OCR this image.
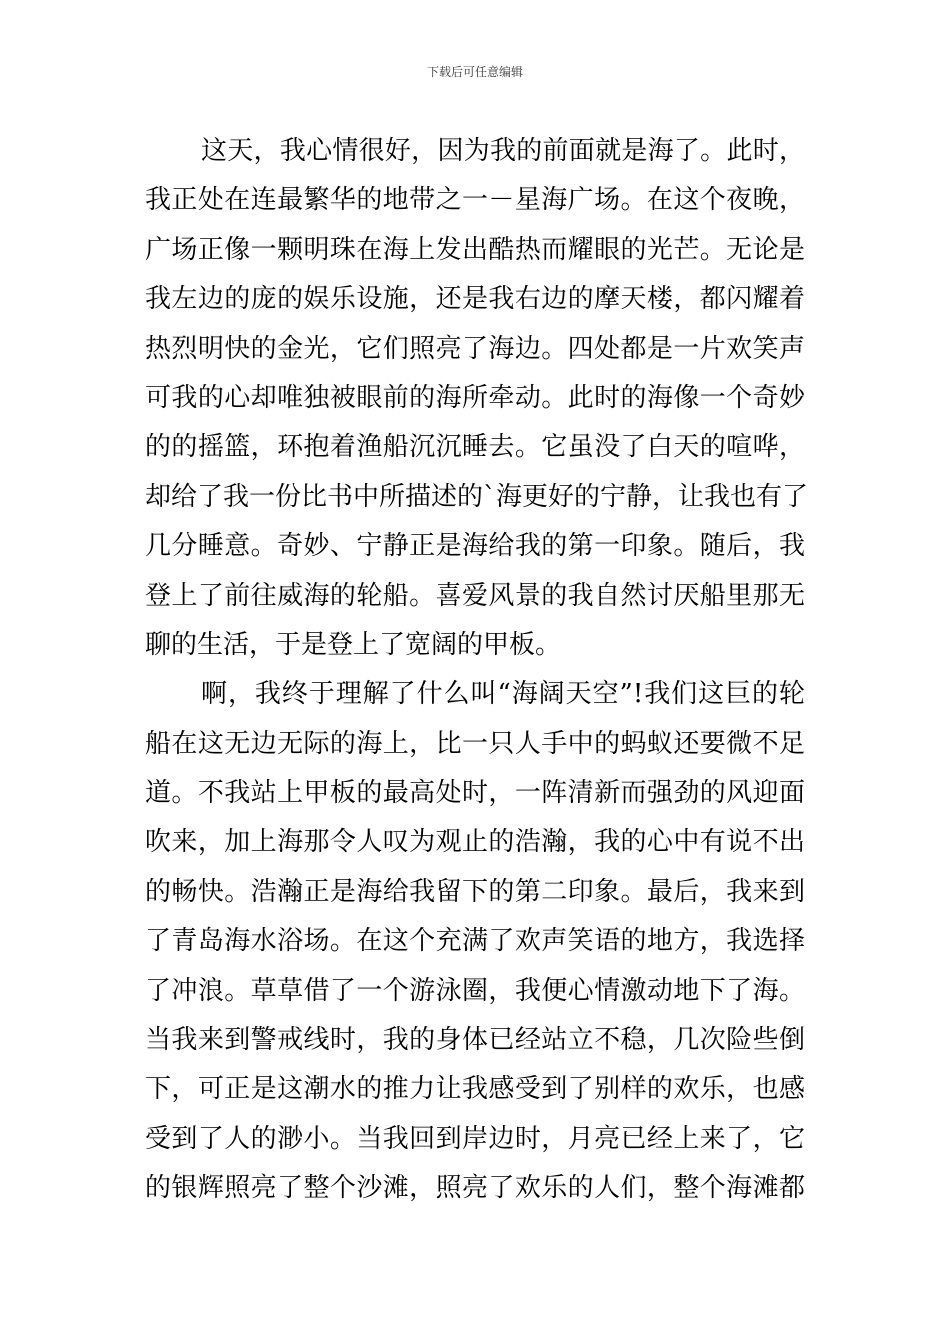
下载后可任意编辑
这天，我心情很好，因为我的前面就是海了。此时，
我正处在连最繁华的地带之一－星海广场。在这个夜晚，
广场正像一颗明珠在海上发出酷热而耀眼的光芒。无论是
我左边的庞的娱乐设施，还是我右边的摩天楼，都闪耀着
热烈明快的金光，它们照亮了海边。四处都是一片欢笑声
可我的心却唯独被眼前的海所牵动。此时的海像一个奇妙
的的摇篮，环抱着渔船沉沉睡去。它虽没了白天的喧哗，
却给了我一份比书中所描述的`海更好的宁静，让我也有了
几分睡意。奇妙、宁静正是海给我的第一印象。随后，我
登上了前往威海的轮船。喜爱风景的我自然讨厌船里那无
聊的生活，于是登上了宽阔的甲板。
啊，我终于理解了什么叫“海阔天空”!我们这巨的轮
船在这无边无际的海上，比一只人手中的蚂蚁还要微不足
道。不我站上甲板的最高处时，一阵清新而强劲的风迎面
吹来，加上海那令人叹为观止的浩瀚，我的心中有说不出
的畅快。浩瀚正是海给我留下的第二印象。最后，我来到
了青岛海水浴场。在这个充满了欢声笑语的地方，我选择
了冲浪。草草借了一个游泳圈，我便心情激动地下了海。
当我来到警戒线时，我的身体已经站立不稳，几次险些倒
下，可正是这潮水的推力让我感受到了别样的欢乐，也感
受到了人的渺小。当我回到岸边时，月亮已经上来了，它
的银辉照亮了整个沙滩，照亮了欢乐的人们，整个海滩都
